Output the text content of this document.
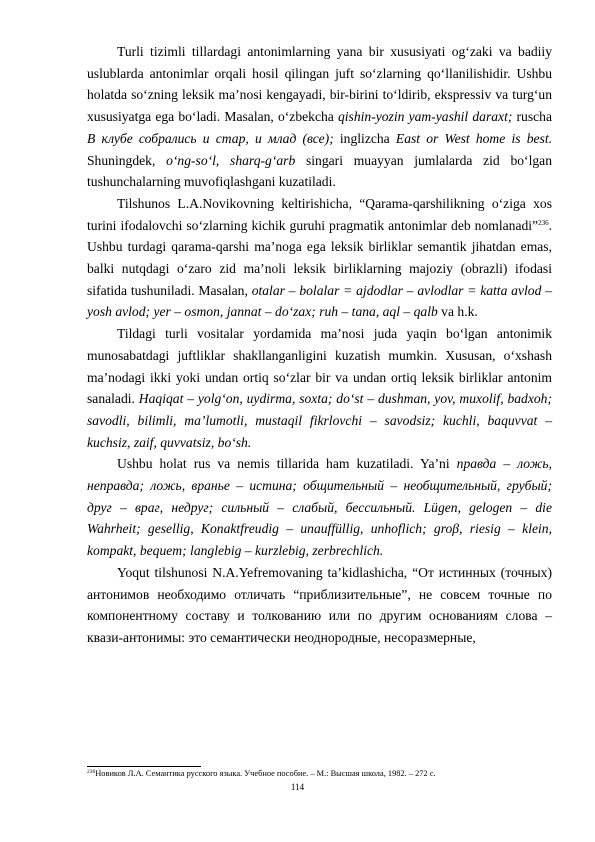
Turli tizimli tillardagi antonimlarning yana bir xususiyati og‘zaki va badiiy uslublarda antonimlar orqali hosil qilingan juft so‘zlarning qo‘llanilishidir. Ushbu holatda so‘zning leksik ma’nosi kengayadi, bir-birini to‘ldirib, ekspressiv va turg‘un xususiyatga ega bo‘ladi. Masalan, o‘zbekcha qishin-yozin yam-yashil daraxt; ruscha В клубе собрались и стар, и млад (все); inglizcha East or West home is best. Shuningdek, o‘ng-so‘l, sharq-g‘arb singari muayyan jumlalarda zid bo‘lgan tushunchalarning muvofiqlashgani kuzatiladi.

Tilshunos L.A.Novikovning keltirishicha, “Qarama-qarshilikning o‘ziga xos turini ifodalovchi so‘zlarning kichik guruhi pragmatik antonimlar deb nomlanadi”$^{236}$. Ushbu turdagi qarama-qarshi ma’noga ega leksik birliklar semantik jihatdan emas, balki nutqdagi o‘zaro zid ma’noli leksik birliklarning majoziy (obrazli) ifodasi sifatida tushuniladi. Masalan, otalar – bolalar = ajdodlar – avlodlar = katta avlod – yosh avlod; yer – osmon, jannat – do‘zax; ruh – tana, aql – qalb va h.k.

Tildagi turli vositalar yordamida ma’nosi juda yaqin bo‘lgan antonimik munosabatdagi juftliklar shakllanganligini kuzatish mumkin. Xususan, o‘xshash ma’nodagi ikki yoki undan ortiq so‘zlar bir va undan ortiq leksik birliklar antonim sanaladi. Haqiqat – yolg‘on, uydirma, soxta; do‘st – dushman, yov, muxolif, badxoh; savodli, bilimli, ma’lumotli, mustaqil fikrlovchi – savodsiz; kuchli, baquvvat – kuchsiz, zaif, quvvatsiz, bo‘sh.

Ushbu holat rus va nemis tillarida ham kuzatiladi. Ya’ni правда – ложь, неправда; ложь, вранье – истина; общительный – необщительный, грубый; друг – враг, недруг; сильный – слабый, бессильный. Lügen, gelogen – die Wahrheit; gesellig, Konaktfreudig – unauffüllig, unhoflich; groβ, riesig – klein, kompakt, bequem; langlebig – kurzlebig, zerbrechlich.

Yoqut tilshunosi N.A.Yefremovaning ta’kidlashicha, “От истинных (точных) антонимов необходимо отличать “приблизительные”, не совсем точные по компонентному составу и толкованию или по другим основаниям слова – квази-антонимы: это семантически неоднородные, несоразмерные,

$^{236}$Новиков Л.А. Семантика русского языка. Учебное пособие. – М.: Высшая школа, 1982. – 272 с.
114
